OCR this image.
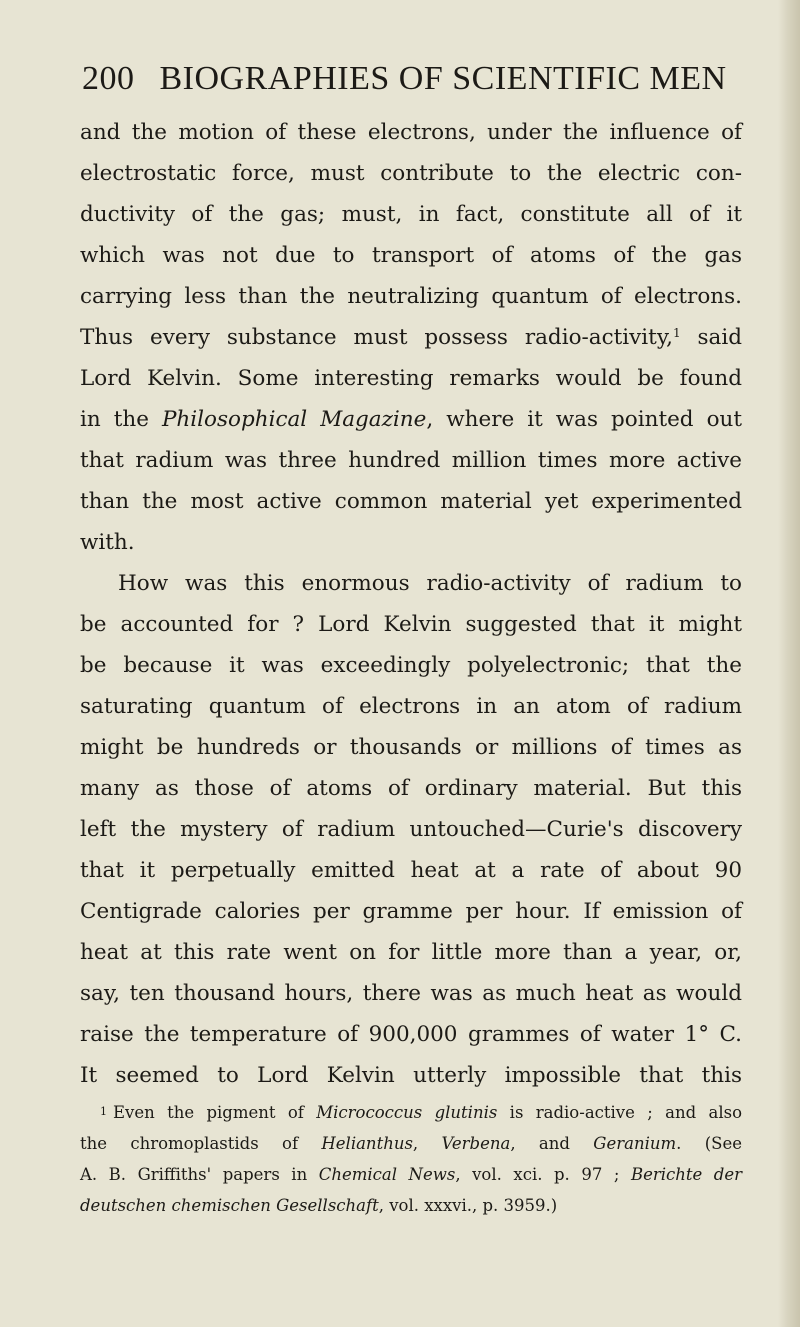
200 BIOGRAPHIES OF SCIENTIFIC MEN
and the motion of these electrons, under the influence of
electrostatic force, must contribute to the electric con-
ductivity of the gas; must, in fact, constitute all of it
which was not due to transport of atoms of the gas
carrying less than the neutralizing quantum of electrons.
Thus every substance must possess radio-activity,$^1$ said
Lord Kelvin. Some interesting remarks would be found
in the Philosophical Magazine, where it was pointed out
that radium was three hundred million times more active
than the most active common material yet experimented
with.
How was this enormous radio-activity of radium to
be accounted for ? Lord Kelvin suggested that it might
be because it was exceedingly polyelectronic; that the
saturating quantum of electrons in an atom of radium
might be hundreds or thousands or millions of times as
many as those of atoms of ordinary material. But this
left the mystery of radium untouched—Curie's discovery
that it perpetually emitted heat at a rate of about 90
Centigrade calories per gramme per hour. If emission of
heat at this rate went on for little more than a year, or,
say, ten thousand hours, there was as much heat as would
raise the temperature of 900,000 grammes of water 1° C.
It seemed to Lord Kelvin utterly impossible that this
$^1$ Even the pigment of Micrococcus glutinis is radio-active ; and also
the chromoplastids of Helianthus, Verbena, and Geranium. (See
A. B. Griffiths' papers in Chemical News, vol. xci. p. 97 ; Berichte der
deutschen chemischen Gesellschaft, vol. xxxvi., p. 3959.)
